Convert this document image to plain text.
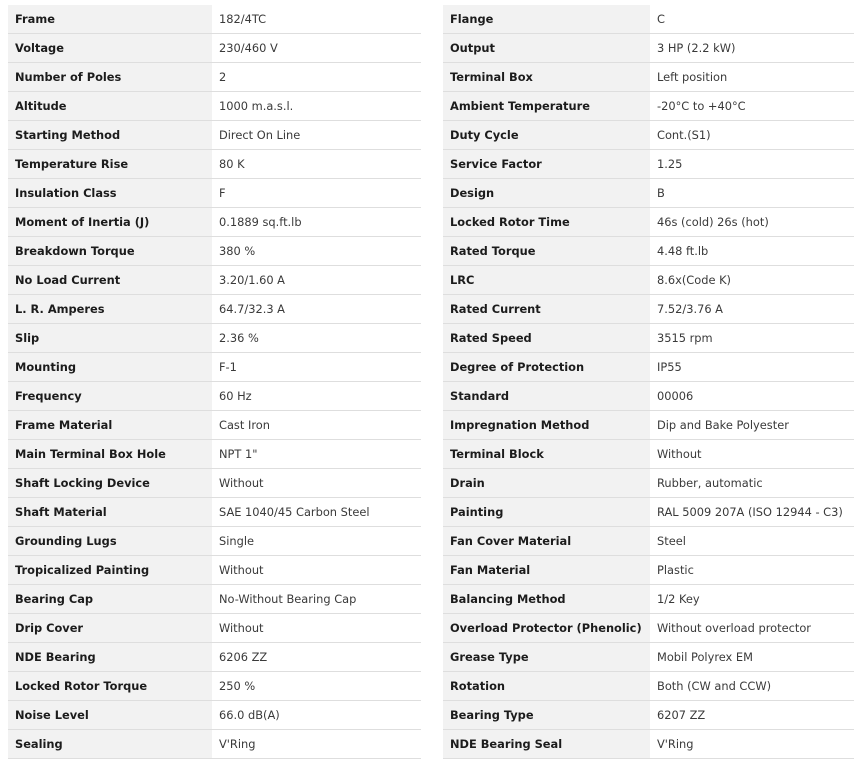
Frame	182/4TC
Voltage	230/460 V
Number of Poles	2
Altitude	1000 m.a.s.l.
Starting Method	Direct On Line
Temperature Rise	80 K
Insulation Class	F
Moment of Inertia (J)	0.1889 sq.ft.lb
Breakdown Torque	380 %
No Load Current	3.20/1.60 A
L. R. Amperes	64.7/32.3 A
Slip	2.36 %
Mounting	F-1
Frequency	60 Hz
Frame Material	Cast Iron
Main Terminal Box Hole	NPT 1"
Shaft Locking Device	Without
Shaft Material	SAE 1040/45 Carbon Steel
Grounding Lugs	Single
Tropicalized Painting	Without
Bearing Cap	No-Without Bearing Cap
Drip Cover	Without
NDE Bearing	6206 ZZ
Locked Rotor Torque	250 %
Noise Level	66.0 dB(A)
Sealing	V'Ring
Flange	C
Output	3 HP (2.2 kW)
Terminal Box	Left position
Ambient Temperature	-20°C to +40°C
Duty Cycle	Cont.(S1)
Service Factor	1.25
Design	B
Locked Rotor Time	46s (cold) 26s (hot)
Rated Torque	4.48 ft.lb
LRC	8.6x(Code K)
Rated Current	7.52/3.76 A
Rated Speed	3515 rpm
Degree of Protection	IP55
Standard	00006
Impregnation Method	Dip and Bake Polyester
Terminal Block	Without
Drain	Rubber, automatic
Painting	RAL 5009 207A (ISO 12944 - C3)
Fan Cover Material	Steel
Fan Material	Plastic
Balancing Method	1/2 Key
Overload Protector (Phenolic)	Without overload protector
Grease Type	Mobil Polyrex EM
Rotation	Both (CW and CCW)
Bearing Type	6207 ZZ
NDE Bearing Seal	V'Ring
